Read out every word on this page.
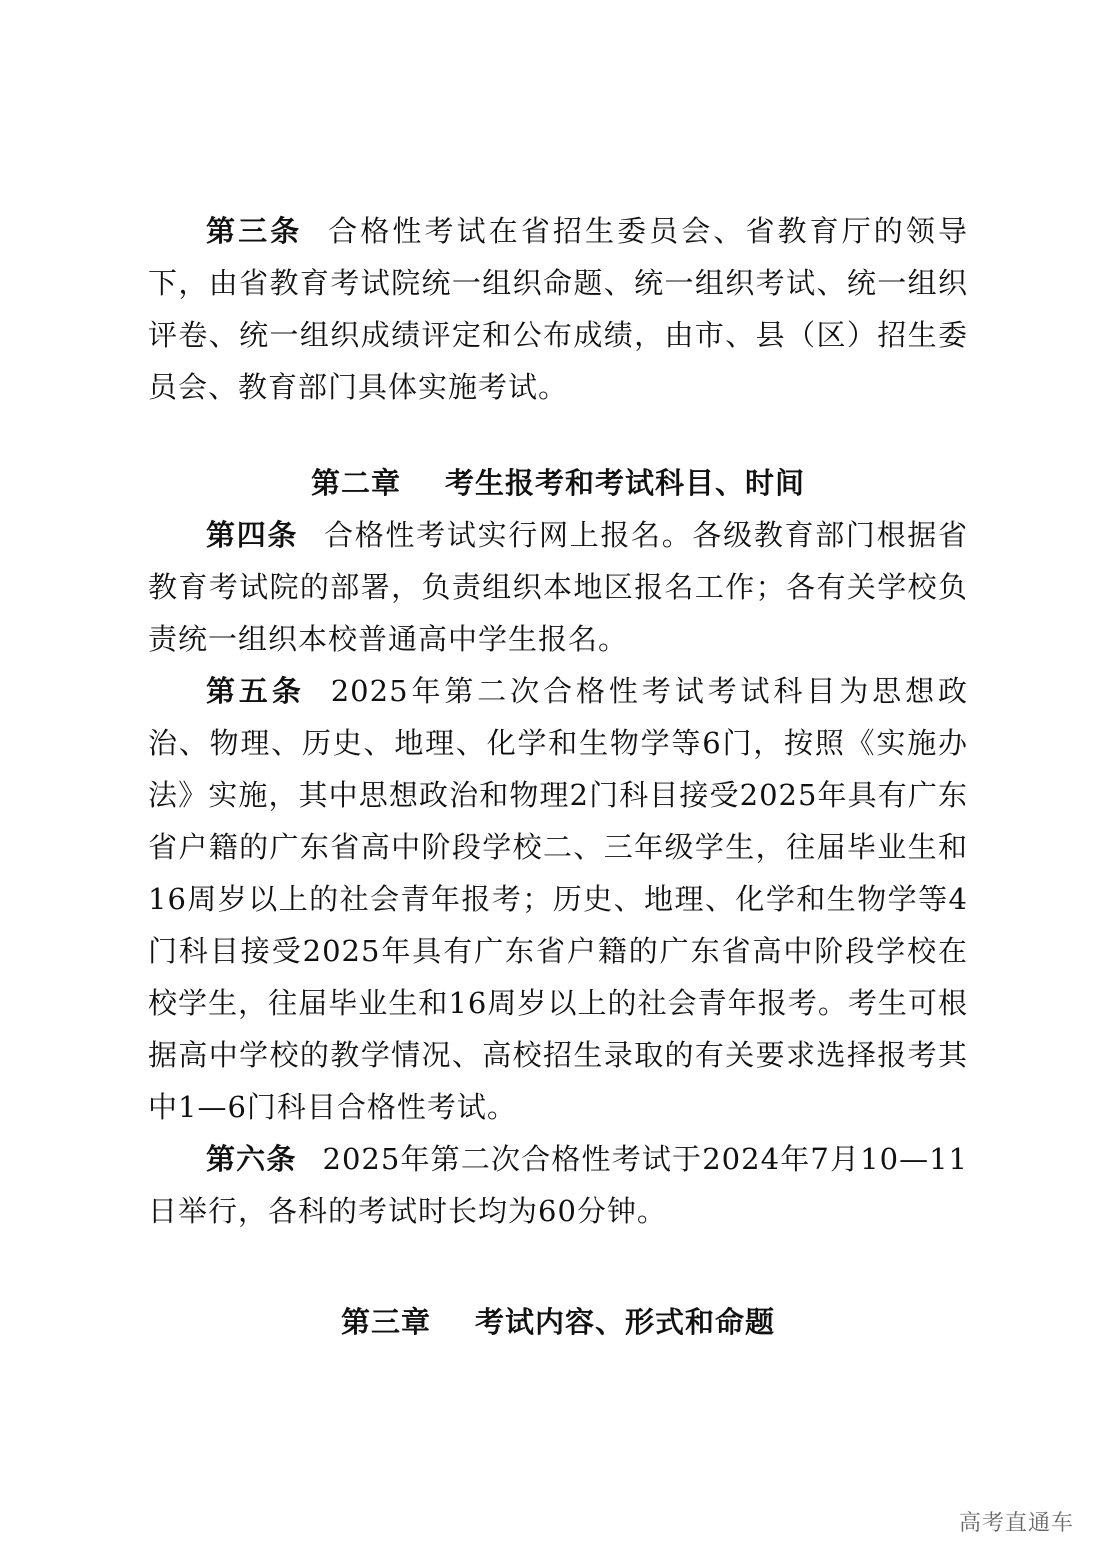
第三条 合格性考试在省招生委员会、省教育厅的领导下，由省教育考试院统一组织命题、统一组织考试、统一组织评卷、统一组织成绩评定和公布成绩，由市、县（区）招生委员会、教育部门具体实施考试。

第二章 考生报考和考试科目、时间

第四条 合格性考试实行网上报名。各级教育部门根据省教育考试院的部署，负责组织本地区报名工作；各有关学校负责统一组织本校普通高中学生报名。

第五条 2025年第二次合格性考试考试科目为思想政治、物理、历史、地理、化学和生物学等6门，按照《实施办法》实施，其中思想政治和物理2门科目接受2025年具有广东省户籍的广东省高中阶段学校二、三年级学生，往届毕业生和16周岁以上的社会青年报考；历史、地理、化学和生物学等4门科目接受2025年具有广东省户籍的广东省高中阶段学校在校学生，往届毕业生和16周岁以上的社会青年报考。考生可根据高中学校的教学情况、高校招生录取的有关要求选择报考其中1—6门科目合格性考试。

第六条 2025年第二次合格性考试于2024年7月10—11日举行，各科的考试时长均为60分钟。

第三章 考试内容、形式和命题
高考直通车
